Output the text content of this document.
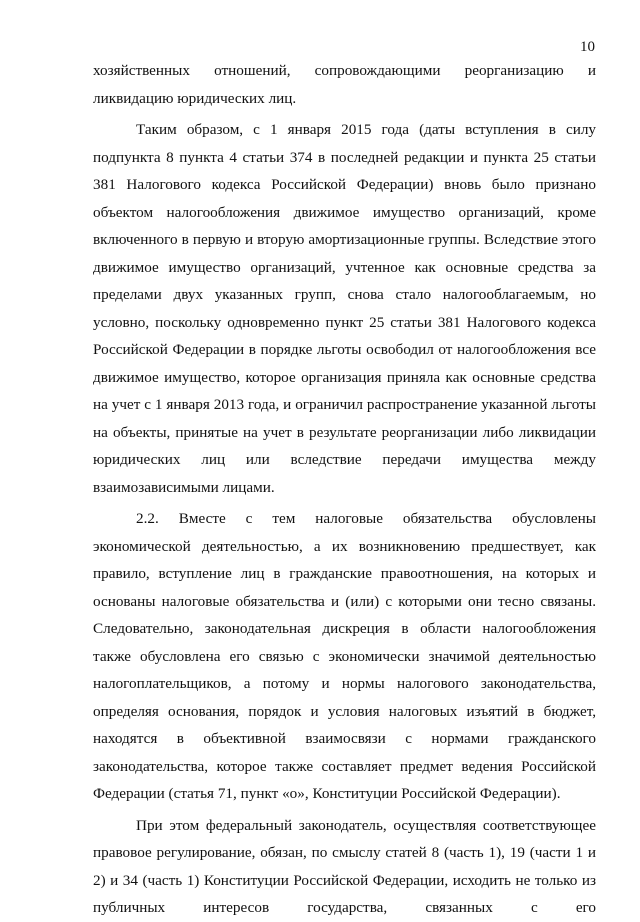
10

хозяйственных отношений, сопровождающими реорганизацию и ликвидацию юридических лиц.

Таким образом, с 1 января 2015 года (даты вступления в силу подпункта 8 пункта 4 статьи 374 в последней редакции и пункта 25 статьи 381 Налогового кодекса Российской Федерации) вновь было признано объектом налогообложения движимое имущество организаций, кроме включенного в первую и вторую амортизационные группы. Вследствие этого движимое имущество организаций, учтенное как основные средства за пределами двух указанных групп, снова стало налогооблагаемым, но условно, поскольку одновременно пункт 25 статьи 381 Налогового кодекса Российской Федерации в порядке льготы освободил от налогообложения все движимое имущество, которое организация приняла как основные средства на учет с 1 января 2013 года, и ограничил распространение указанной льготы на объекты, принятые на учет в результате реорганизации либо ликвидации юридических лиц или вследствие передачи имущества между взаимозависимыми лицами.

2.2. Вместе с тем налоговые обязательства обусловлены экономической деятельностью, а их возникновению предшествует, как правило, вступление лиц в гражданские правоотношения, на которых и основаны налоговые обязательства и (или) с которыми они тесно связаны. Следовательно, законодательная дискреция в области налогообложения также обусловлена его связью с экономически значимой деятельностью налогоплательщиков, а потому и нормы налогового законодательства, определяя основания, порядок и условия налоговых изъятий в бюджет, находятся в объективной взаимосвязи с нормами гражданского законодательства, которое также составляет предмет ведения Российской Федерации (статья 71, пункт «о», Конституции Российской Федерации).

При этом федеральный законодатель, осуществляя соответствующее правовое регулирование, обязан, по смыслу статей 8 (часть 1), 19 (части 1 и 2) и 34 (часть 1) Конституции Российской Федерации, исходить не только из публичных интересов государства, связанных с его
